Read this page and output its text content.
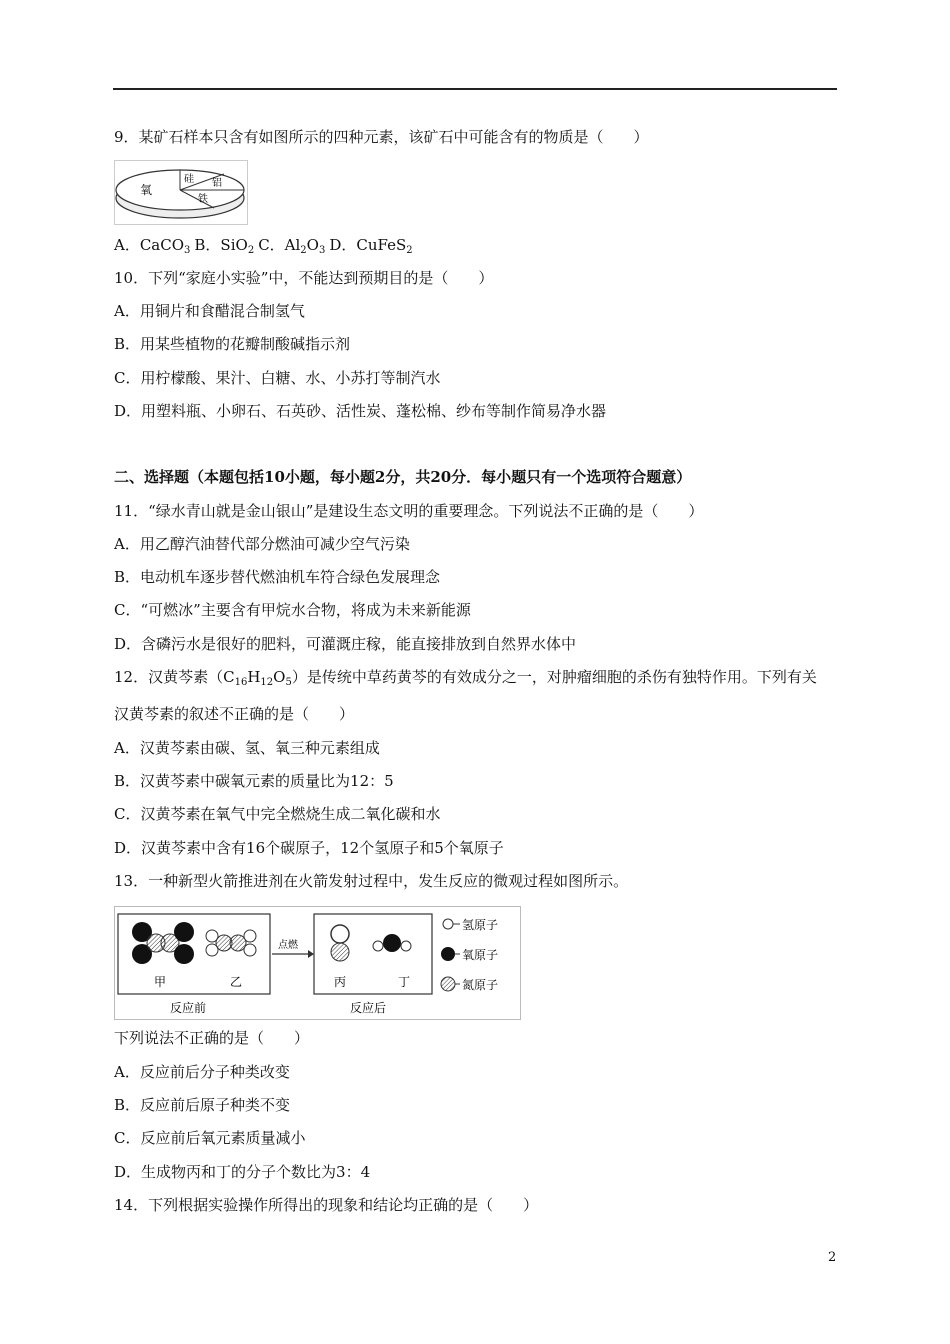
9．某矿石样本只含有如图所示的四种元素，该矿石中可能含有的物质是（　　）
氧
硅 铝
铁
A．CaCO$_3$ B．SiO$_2$ C．$Al_2O_3$ D．CuFeS$_2$
10．下列“家庭小实验”中，不能达到预期目的是（　　）
A．用铜片和食醋混合制氢气
B．用某些植物的花瓣制酸碱指示剂
C．用柠檬酸、果汁、白糖、水、小苏打等制汽水
D．用塑料瓶、小卵石、石英砂、活性炭、蓬松棉、纱布等制作简易净水器
二、选择题（本题包括10小题，每小题2分，共20分．每小题只有一个选项符合题意）
11．“绿水青山就是金山银山”是建设生态文明的重要理念。下列说法不正确的是（　　）
A．用乙醇汽油替代部分燃油可减少空气污染
B．电动机车逐步替代燃油机车符合绿色发展理念
C．“可燃冰”主要含有甲烷水合物，将成为未来新能源
D．含磷污水是很好的肥料，可灌溉庄稼，能直接排放到自然界水体中
12．汉黄芩素$(C_{16}H_{12}O_5)$是传统中草药黄芩的有效成分之一，对肿瘤细胞的杀伤有独特作用。下列有关
汉黄芩素的叙述不正确的是（　　）
A．汉黄芩素由碳、氢、氧三种元素组成
B．汉黄芩素中碳氧元素的质量比为12：5
C．汉黄芩素在氧气中完全燃烧生成二氧化碳和水
D．汉黄芩素中含有16个碳原子，12个氢原子和5个氧原子
13．一种新型火箭推进剂在火箭发射过程中，发生反应的微观过程如图所示。
甲	乙
反应前
点燃
丙	丁
反应后
氢原子
氧原子
氮原子
下列说法不正确的是（　　）
A．反应前后分子种类改变
B．反应前后原子种类不变
C．反应前后氧元素质量减小
D．生成物丙和丁的分子个数比为3：4
14．下列根据实验操作所得出的现象和结论均正确的是（　　）
2
